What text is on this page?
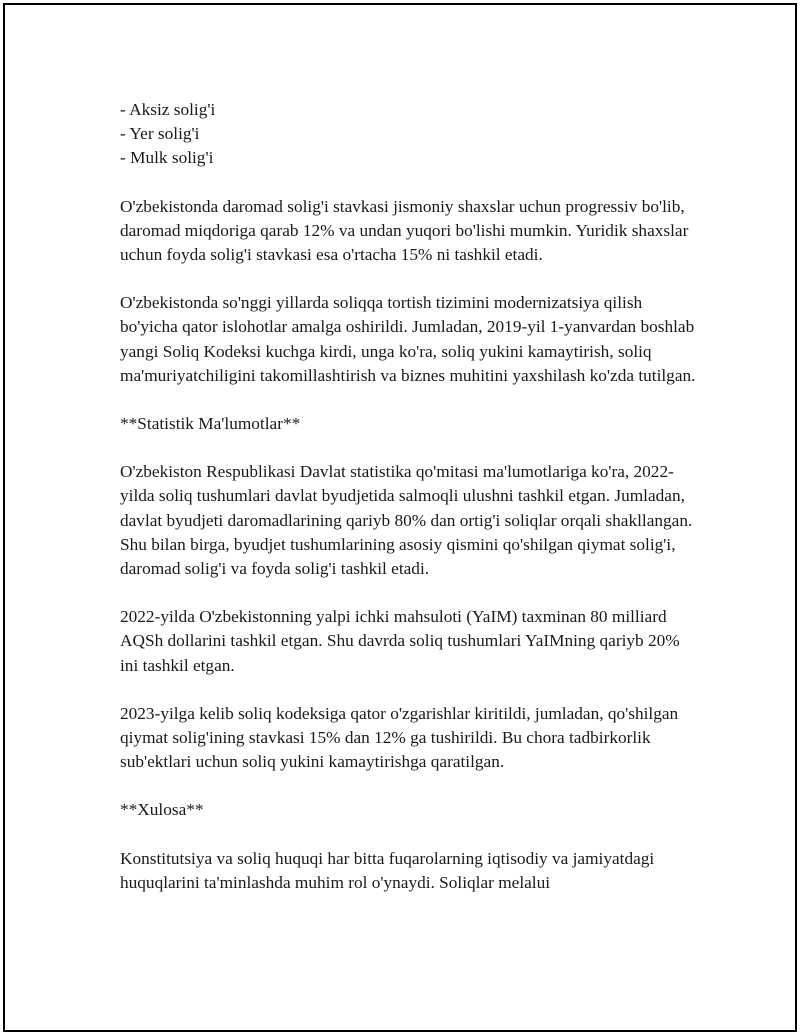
- Aksiz solig'i

- Yer solig'i

- Mulk solig'i

O'zbekistonda daromad solig'i stavkasi jismoniy shaxslar uchun progressiv bo'lib, daromad miqdoriga qarab 12% va undan yuqori bo'lishi mumkin. Yuridik shaxslar uchun foyda solig'i stavkasi esa o'rtacha 15% ni tashkil etadi.

O'zbekistonda so'nggi yillarda soliqqa tortish tizimini modernizatsiya qilish bo'yicha qator islohotlar amalga oshirildi. Jumladan, 2019-yil 1-yanvardan boshlab yangi Soliq Kodeksi kuchga kirdi, unga ko'ra, soliq yukini kamaytirish, soliq ma'muriyatchiligini takomillashtirish va biznes muhitini yaxshilash ko'zda tutilgan.

**Statistik Ma'lumotlar**

O'zbekiston Respublikasi Davlat statistika qo'mitasi ma'lumotlariga ko'ra, 2022-yilda soliq tushumlari davlat byudjetida salmoqli ulushni tashkil etgan. Jumladan, davlat byudjeti daromadlarining qariyb 80% dan ortig'i soliqlar orqali shakllangan. Shu bilan birga, byudjet tushumlarining asosiy qismini qo'shilgan qiymat solig'i, daromad solig'i va foyda solig'i tashkil etadi.

2022-yilda O'zbekistonning yalpi ichki mahsuloti (YaIM) taxminan 80 milliard AQSh dollarini tashkil etgan. Shu davrda soliq tushumlari YaIMning qariyb 20% ini tashkil etgan.

2023-yilga kelib soliq kodeksiga qator o'zgarishlar kiritildi, jumladan, qo'shilgan qiymat solig'ining stavkasi 15% dan 12% ga tushirildi. Bu chora tadbirkorlik sub'ektlari uchun soliq yukini kamaytirishga qaratilgan.

**Xulosa**

Konstitutsiya va soliq huquqi har bitta fuqarolarning iqtisodiy va jamiyatdagi huquqlarini ta'minlashda muhim rol o'ynaydi. Soliqlar melalui
